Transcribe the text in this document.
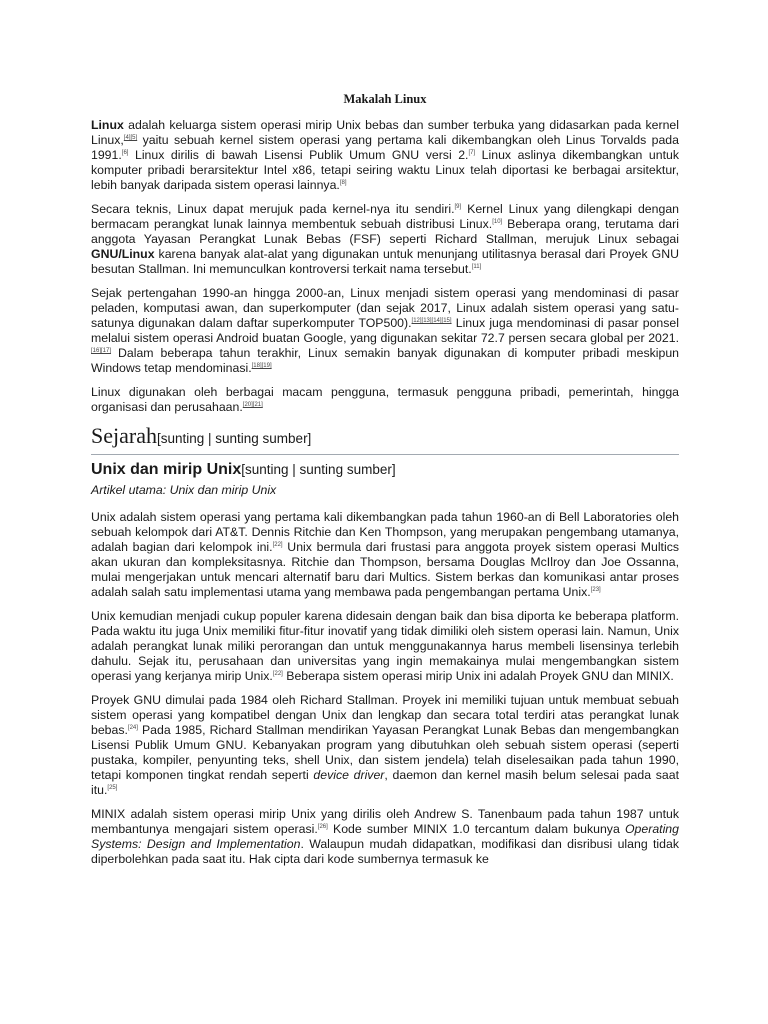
Makalah Linux

Linux adalah keluarga sistem operasi mirip Unix bebas dan sumber terbuka yang didasarkan pada kernel Linux,[4][5] yaitu sebuah kernel sistem operasi yang pertama kali dikembangkan oleh Linus Torvalds pada 1991.[6] Linux dirilis di bawah Lisensi Publik Umum GNU versi 2.[7] Linux aslinya dikembangkan untuk komputer pribadi berarsitektur Intel x86, tetapi seiring waktu Linux telah diportasi ke berbagai arsitektur, lebih banyak daripada sistem operasi lainnya.[8]

Secara teknis, Linux dapat merujuk pada kernel-nya itu sendiri.[9] Kernel Linux yang dilengkapi dengan bermacam perangkat lunak lainnya membentuk sebuah distribusi Linux.[10] Beberapa orang, terutama dari anggota Yayasan Perangkat Lunak Bebas (FSF) seperti Richard Stallman, merujuk Linux sebagai GNU/Linux karena banyak alat-alat yang digunakan untuk menunjang utilitasnya berasal dari Proyek GNU besutan Stallman. Ini memunculkan kontroversi terkait nama tersebut.[11]

Sejak pertengahan 1990-an hingga 2000-an, Linux menjadi sistem operasi yang mendominasi di pasar peladen, komputasi awan, dan superkomputer (dan sejak 2017, Linux adalah sistem operasi yang satu-satunya digunakan dalam daftar superkomputer TOP500).[12][13][14][15] Linux juga mendominasi di pasar ponsel melalui sistem operasi Android buatan Google, yang digunakan sekitar 72.7 persen secara global per 2021.[16][17] Dalam beberapa tahun terakhir, Linux semakin banyak digunakan di komputer pribadi meskipun Windows tetap mendominasi.[18][19]

Linux digunakan oleh berbagai macam pengguna, termasuk pengguna pribadi, pemerintah, hingga organisasi dan perusahaan.[20][21]

Sejarah[sunting | sunting sumber]
Unix dan mirip Unix[sunting | sunting sumber]
Artikel utama: Unix dan mirip Unix

Unix adalah sistem operasi yang pertama kali dikembangkan pada tahun 1960-an di Bell Laboratories oleh sebuah kelompok dari AT&T. Dennis Ritchie dan Ken Thompson, yang merupakan pengembang utamanya, adalah bagian dari kelompok ini.[22] Unix bermula dari frustasi para anggota proyek sistem operasi Multics akan ukuran dan kompleksitasnya. Ritchie dan Thompson, bersama Douglas McIlroy dan Joe Ossanna, mulai mengerjakan untuk mencari alternatif baru dari Multics. Sistem berkas dan komunikasi antar proses adalah salah satu implementasi utama yang membawa pada pengembangan pertama Unix.[23]

Unix kemudian menjadi cukup populer karena didesain dengan baik dan bisa diporta ke beberapa platform. Pada waktu itu juga Unix memiliki fitur-fitur inovatif yang tidak dimiliki oleh sistem operasi lain. Namun, Unix adalah perangkat lunak miliki perorangan dan untuk menggunakannya harus membeli lisensinya terlebih dahulu. Sejak itu, perusahaan dan universitas yang ingin memakainya mulai mengembangkan sistem operasi yang kerjanya mirip Unix.[22] Beberapa sistem operasi mirip Unix ini adalah Proyek GNU dan MINIX.

Proyek GNU dimulai pada 1984 oleh Richard Stallman. Proyek ini memiliki tujuan untuk membuat sebuah sistem operasi yang kompatibel dengan Unix dan lengkap dan secara total terdiri atas perangkat lunak bebas.[24] Pada 1985, Richard Stallman mendirikan Yayasan Perangkat Lunak Bebas dan mengembangkan Lisensi Publik Umum GNU. Kebanyakan program yang dibutuhkan oleh sebuah sistem operasi (seperti pustaka, kompiler, penyunting teks, shell Unix, dan sistem jendela) telah diselesaikan pada tahun 1990, tetapi komponen tingkat rendah seperti device driver, daemon dan kernel masih belum selesai pada saat itu.[25]

MINIX adalah sistem operasi mirip Unix yang dirilis oleh Andrew S. Tanenbaum pada tahun 1987 untuk membantunya mengajari sistem operasi.[26] Kode sumber MINIX 1.0 tercantum dalam bukunya Operating Systems: Design and Implementation. Walaupun mudah didapatkan, modifikasi dan disribusi ulang tidak diperbolehkan pada saat itu. Hak cipta dari kode sumbernya termasuk ke
